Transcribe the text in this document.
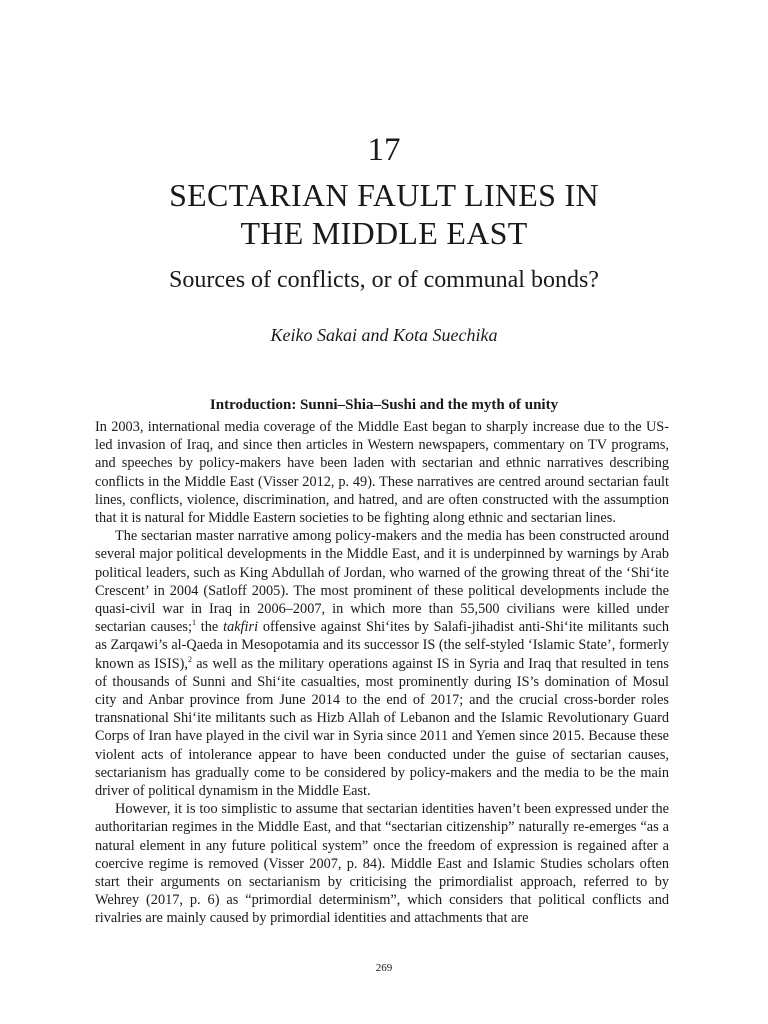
17
SECTARIAN FAULT LINES IN
THE MIDDLE EAST
Sources of conflicts, or of communal bonds?
Keiko Sakai and Kota Suechika
Introduction: Sunni–Shia–Sushi and the myth of unity

In 2003, international media coverage of the Middle East began to sharply increase due to the US-led invasion of Iraq, and since then articles in Western newspapers, commentary on TV programs, and speeches by policy-makers have been laden with sectarian and ethnic narratives describing conflicts in the Middle East (Visser 2012, p. 49). These narratives are centred around sectarian fault lines, conflicts, violence, discrimination, and hatred, and are often constructed with the assumption that it is natural for Middle Eastern societies to be fighting along ethnic and sectarian lines.

The sectarian master narrative among policy-makers and the media has been constructed around several major political developments in the Middle East, and it is underpinned by warnings by Arab political leaders, such as King Abdullah of Jordan, who warned of the growing threat of the ‘Shi‘ite Crescent’ in 2004 (Satloff 2005). The most prominent of these political developments include the quasi-civil war in Iraq in 2006–2007, in which more than 55,500 civilians were killed under sectarian causes;$^1$ the takfiri offensive against Shi‘ites by Salafi-jihadist anti-Shi‘ite militants such as Zarqawi’s al-Qaeda in Mesopotamia and its successor IS (the self-styled ‘Islamic State’, formerly known as ISIS),$^2$ as well as the military operations against IS in Syria and Iraq that resulted in tens of thousands of Sunni and Shi‘ite casualties, most prominently during IS’s domination of Mosul city and Anbar province from June 2014 to the end of 2017; and the crucial cross-border roles transnational Shi‘ite militants such as Hizb Allah of Lebanon and the Islamic Revolutionary Guard Corps of Iran have played in the civil war in Syria since 2011 and Yemen since 2015. Because these violent acts of intolerance appear to have been conducted under the guise of sectarian causes, sectarianism has gradually come to be considered by policy-makers and the media to be the main driver of political dynamism in the Middle East.

However, it is too simplistic to assume that sectarian identities haven’t been expressed under the authoritarian regimes in the Middle East, and that “sectarian citizenship” naturally re-emerges “as a natural element in any future political system” once the freedom of expression is regained after a coercive regime is removed (Visser 2007, p. 84). Middle East and Islamic Studies scholars often start their arguments on sectarianism by criticising the primordialist approach, referred to by Wehrey (2017, p. 6) as “primordial determinism”, which considers that political conflicts and rivalries are mainly caused by primordial identities and attachments that are

269
